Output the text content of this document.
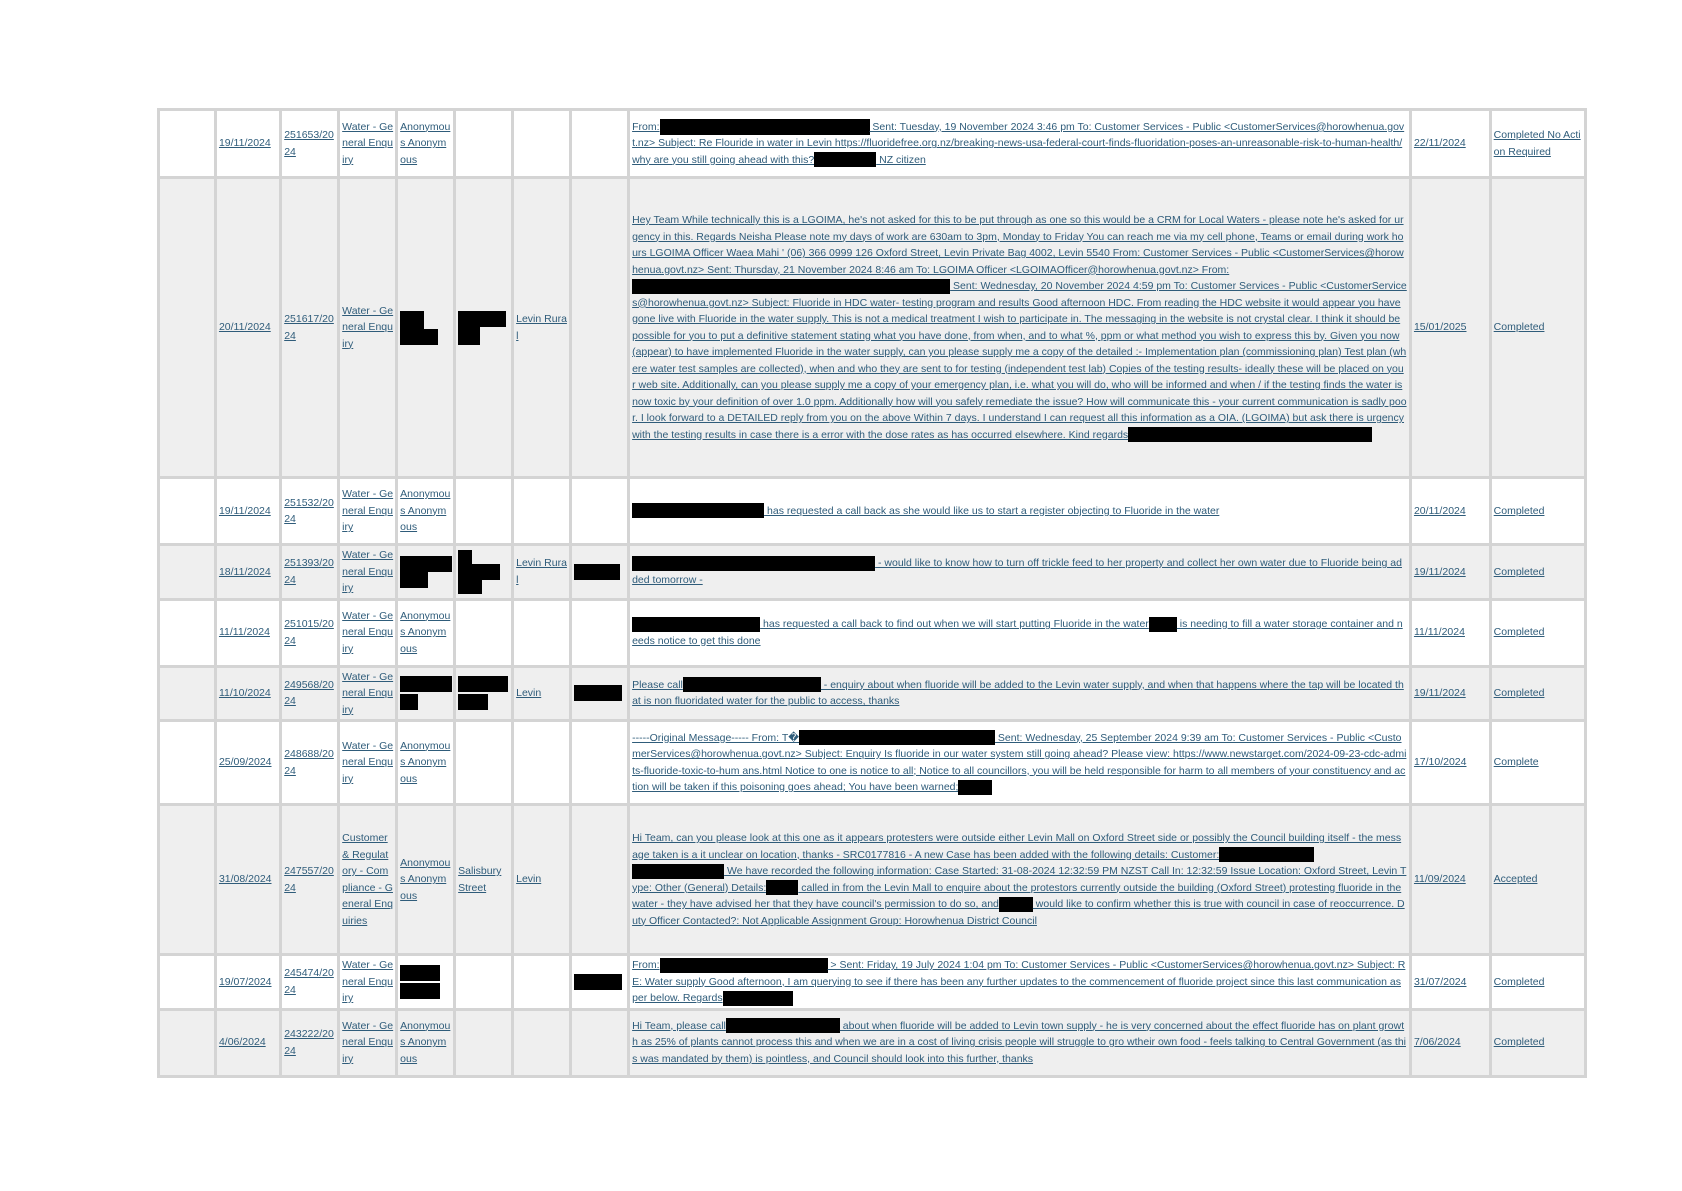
	19/11/2024	251653/2024	Water - General Enquiry	Anonymous Anonymous				From: Sent: Tuesday, 19 November 2024 3:46 pm To: Customer Services - Public <CustomerServices@horowhenua.govt.nz> Subject: Re Flouride in water in Levin https://fluoridefree.org.nz/breaking-news-usa-federal-court-finds-fluoridation-poses-an-unreasonable-risk-to-human-health/ why are you still going ahead with this? NZ citizen	22/11/2024	Completed No Action Required
	20/11/2024	251617/2024	Water - General Enquiry			Levin Rural		Hey Team While technically this is a LGOIMA, he's not asked for this to be put through as one so this would be a CRM for Local Waters - please note he's asked for urgency in this. Regards Neisha Please note my days of work are 630am to 3pm, Monday to Friday You can reach me via my cell phone, Teams or email during work hours LGOIMA Officer Waea Mahi ' (06) 366 0999 126 Oxford Street, Levin Private Bag 4002, Levin 5540 From: Customer Services - Public <CustomerServices@horowhenua.govt.nz> Sent: Thursday, 21 November 2024 8:46 am To: LGOIMA Officer <LGOIMAOfficer@horowhenua.govt.nz> From:  Sent: Wednesday, 20 November 2024 4:59 pm To: Customer Services - Public <CustomerServices@horowhenua.govt.nz> Subject: Fluoride in HDC water- testing program and results Good afternoon HDC. From reading the HDC website it would appear you have gone live with Fluoride in the water supply. This is not a medical treatment I wish to participate in. The messaging in the website is not crystal clear. I think it should be possible for you to put a definitive statement stating what you have done, from when, and to what %, ppm or what method you wish to express this by. Given you now (appear) to have implemented Fluoride in the water supply, can you please supply me a copy of the detailed :- Implementation plan (commissioning plan) Test plan (where water test samples are collected), when and who they are sent to for testing (independent test lab) Copies of the testing results- ideally these will be placed on your web site. Additionally, can you please supply me a copy of your emergency plan, i.e. what you will do, who will be informed and when / if the testing finds the water is now toxic by your definition of over 1.0 ppm. Additionally how will you safely remediate the issue? How will communicate this - your current communication is sadly poor. I look forward to a DETAILED reply from you on the above Within 7 days. I understand I can request all this information as a OIA. (LGOIMA) but ask there is urgency with the testing results in case there is a error with the dose rates as has occurred elsewhere. Kind regards	15/01/2025	Completed
	19/11/2024	251532/2024	Water - General Enquiry	Anonymous Anonymous				has requested a call back as she would like us to start a register objecting to Fluoride in the water	20/11/2024	Completed
	18/11/2024	251393/2024	Water - General Enquiry			Levin Rural		- would like to know how to turn off trickle feed to her property and collect her own water due to Fluoride being added tomorrow -	19/11/2024	Completed
	11/11/2024	251015/2024	Water - General Enquiry	Anonymous Anonymous				has requested a call back to find out when we will start putting Fluoride in the water is needing to fill a water storage container and needs notice to get this done	11/11/2024	Completed
	11/10/2024	249568/2024	Water - General Enquiry			Levin		Please call - enquiry about when fluoride will be added to the Levin water supply, and when that happens where the tap will be located that is non fluoridated water for the public to access, thanks	19/11/2024	Completed
	25/09/2024	248688/2024	Water - General Enquiry	Anonymous Anonymous				-----Original Message----- From: T� Sent: Wednesday, 25 September 2024 9:39 am To: Customer Services - Public <CustomerServices@horowhenua.govt.nz> Subject: Enquiry Is fluoride in our water system still going ahead? Please view: https://www.newstarget.com/2024-09-23-cdc-admits-fluoride-toxic-to-hum ans.html Notice to one is notice to all; Notice to all councillors, you will be held responsible for harm to all members of your constituency and action will be taken if this poisoning goes ahead; You have been warned;	17/10/2024	Complete
	31/08/2024	247557/2024	Customer & Regulatory - Compliance - General Enquiries	Anonymous Anonymous	Salisbury Street	Levin		Hi Team, can you please look at this one as it appears protesters were outside either Levin Mall on Oxford Street side or possibly the Council building itself - the message taken is a it unclear on location, thanks - SRC0177816 - A new Case has been added with the following details: Customer:  We have recorded the following information: Case Started: 31-08-2024 12:32:59 PM NZST Call In: 12:32:59 Issue Location: Oxford Street, Levin Type: Other (General) Details: called in from the Levin Mall to enquire about the protestors currently outside the building (Oxford Street) protesting fluoride in the water - they have advised her that they have council's permission to do so, and would like to confirm whether this is true with council in case of reoccurrence. Duty Officer Contacted?: Not Applicable Assignment Group: Horowhenua District Council	11/09/2024	Accepted
	19/07/2024	245474/2024	Water - General Enquiry					From: > Sent: Friday, 19 July 2024 1:04 pm To: Customer Services - Public <CustomerServices@horowhenua.govt.nz> Subject: RE: Water supply Good afternoon, I am querying to see if there has been any further updates to the commencement of fluoride project since this last communication as per below. Regards	31/07/2024	Completed
	4/06/2024	243222/2024	Water - General Enquiry	Anonymous Anonymous				Hi Team, please call about when fluoride will be added to Levin town supply - he is very concerned about the effect fluoride has on plant growth as 25% of plants cannot process this and when we are in a cost of living crisis people will struggle to gro wtheir own food - feels talking to Central Government (as this was mandated by them) is pointless, and Council should look into this further, thanks	7/06/2024	Completed
